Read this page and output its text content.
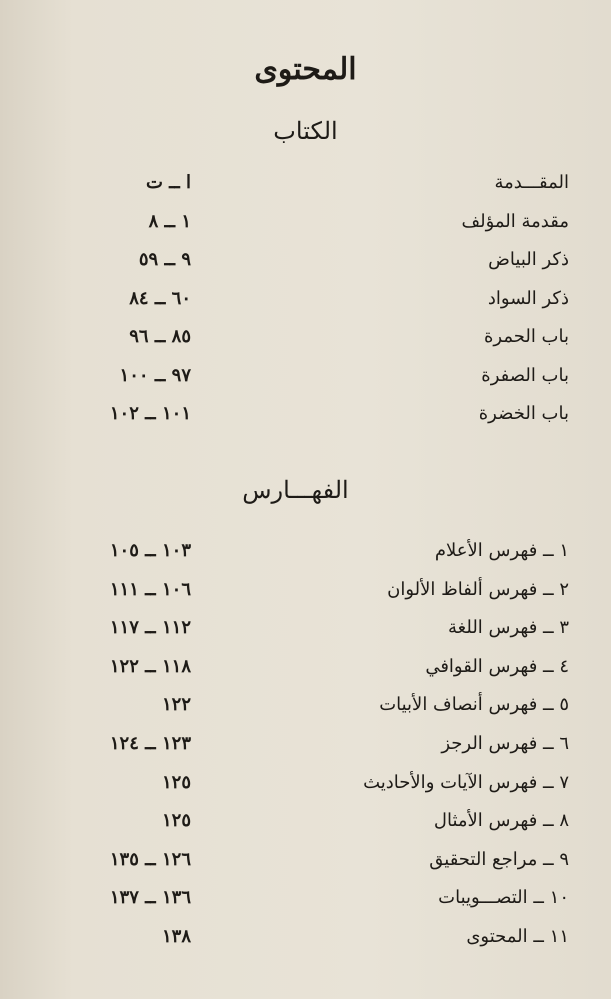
المحتوى
الكتاب
المقـــدمة
ا ــ ت
مقدمة المؤلف
١ ــ ٨
ذكر البياض
٩ ــ ٥٩
ذكر السواد
٦٠ ــ ٨٤
باب الحمرة
٨٥ ــ ٩٦
باب الصفرة
٩٧ ــ ١٠٠
باب الخضرة
١٠١ ــ ١٠٢
الفهـــارس
١ ــ فهرس الأعلام
١٠٣ ــ ١٠٥
٢ ــ فهرس ألفاظ الألوان
١٠٦ ــ ١١١
٣ ــ فهرس اللغة
١١٢ ــ ١١٧
٤ ــ فهرس القوافي
١١٨ ــ ١٢٢
٥ ــ فهرس أنصاف الأبيات
١٢٢
٦ ــ فهرس الرجز
١٢٣ ــ ١٢٤
٧ ــ فهرس الآيات والأحاديث
١٢٥
٨ ــ فهرس الأمثال
١٢٥
٩ ــ مراجع التحقيق
١٢٦ ــ ١٣٥
١٠ ــ التصـــويبات
١٣٦ ــ ١٣٧
١١ ــ المحتوى
١٣٨
